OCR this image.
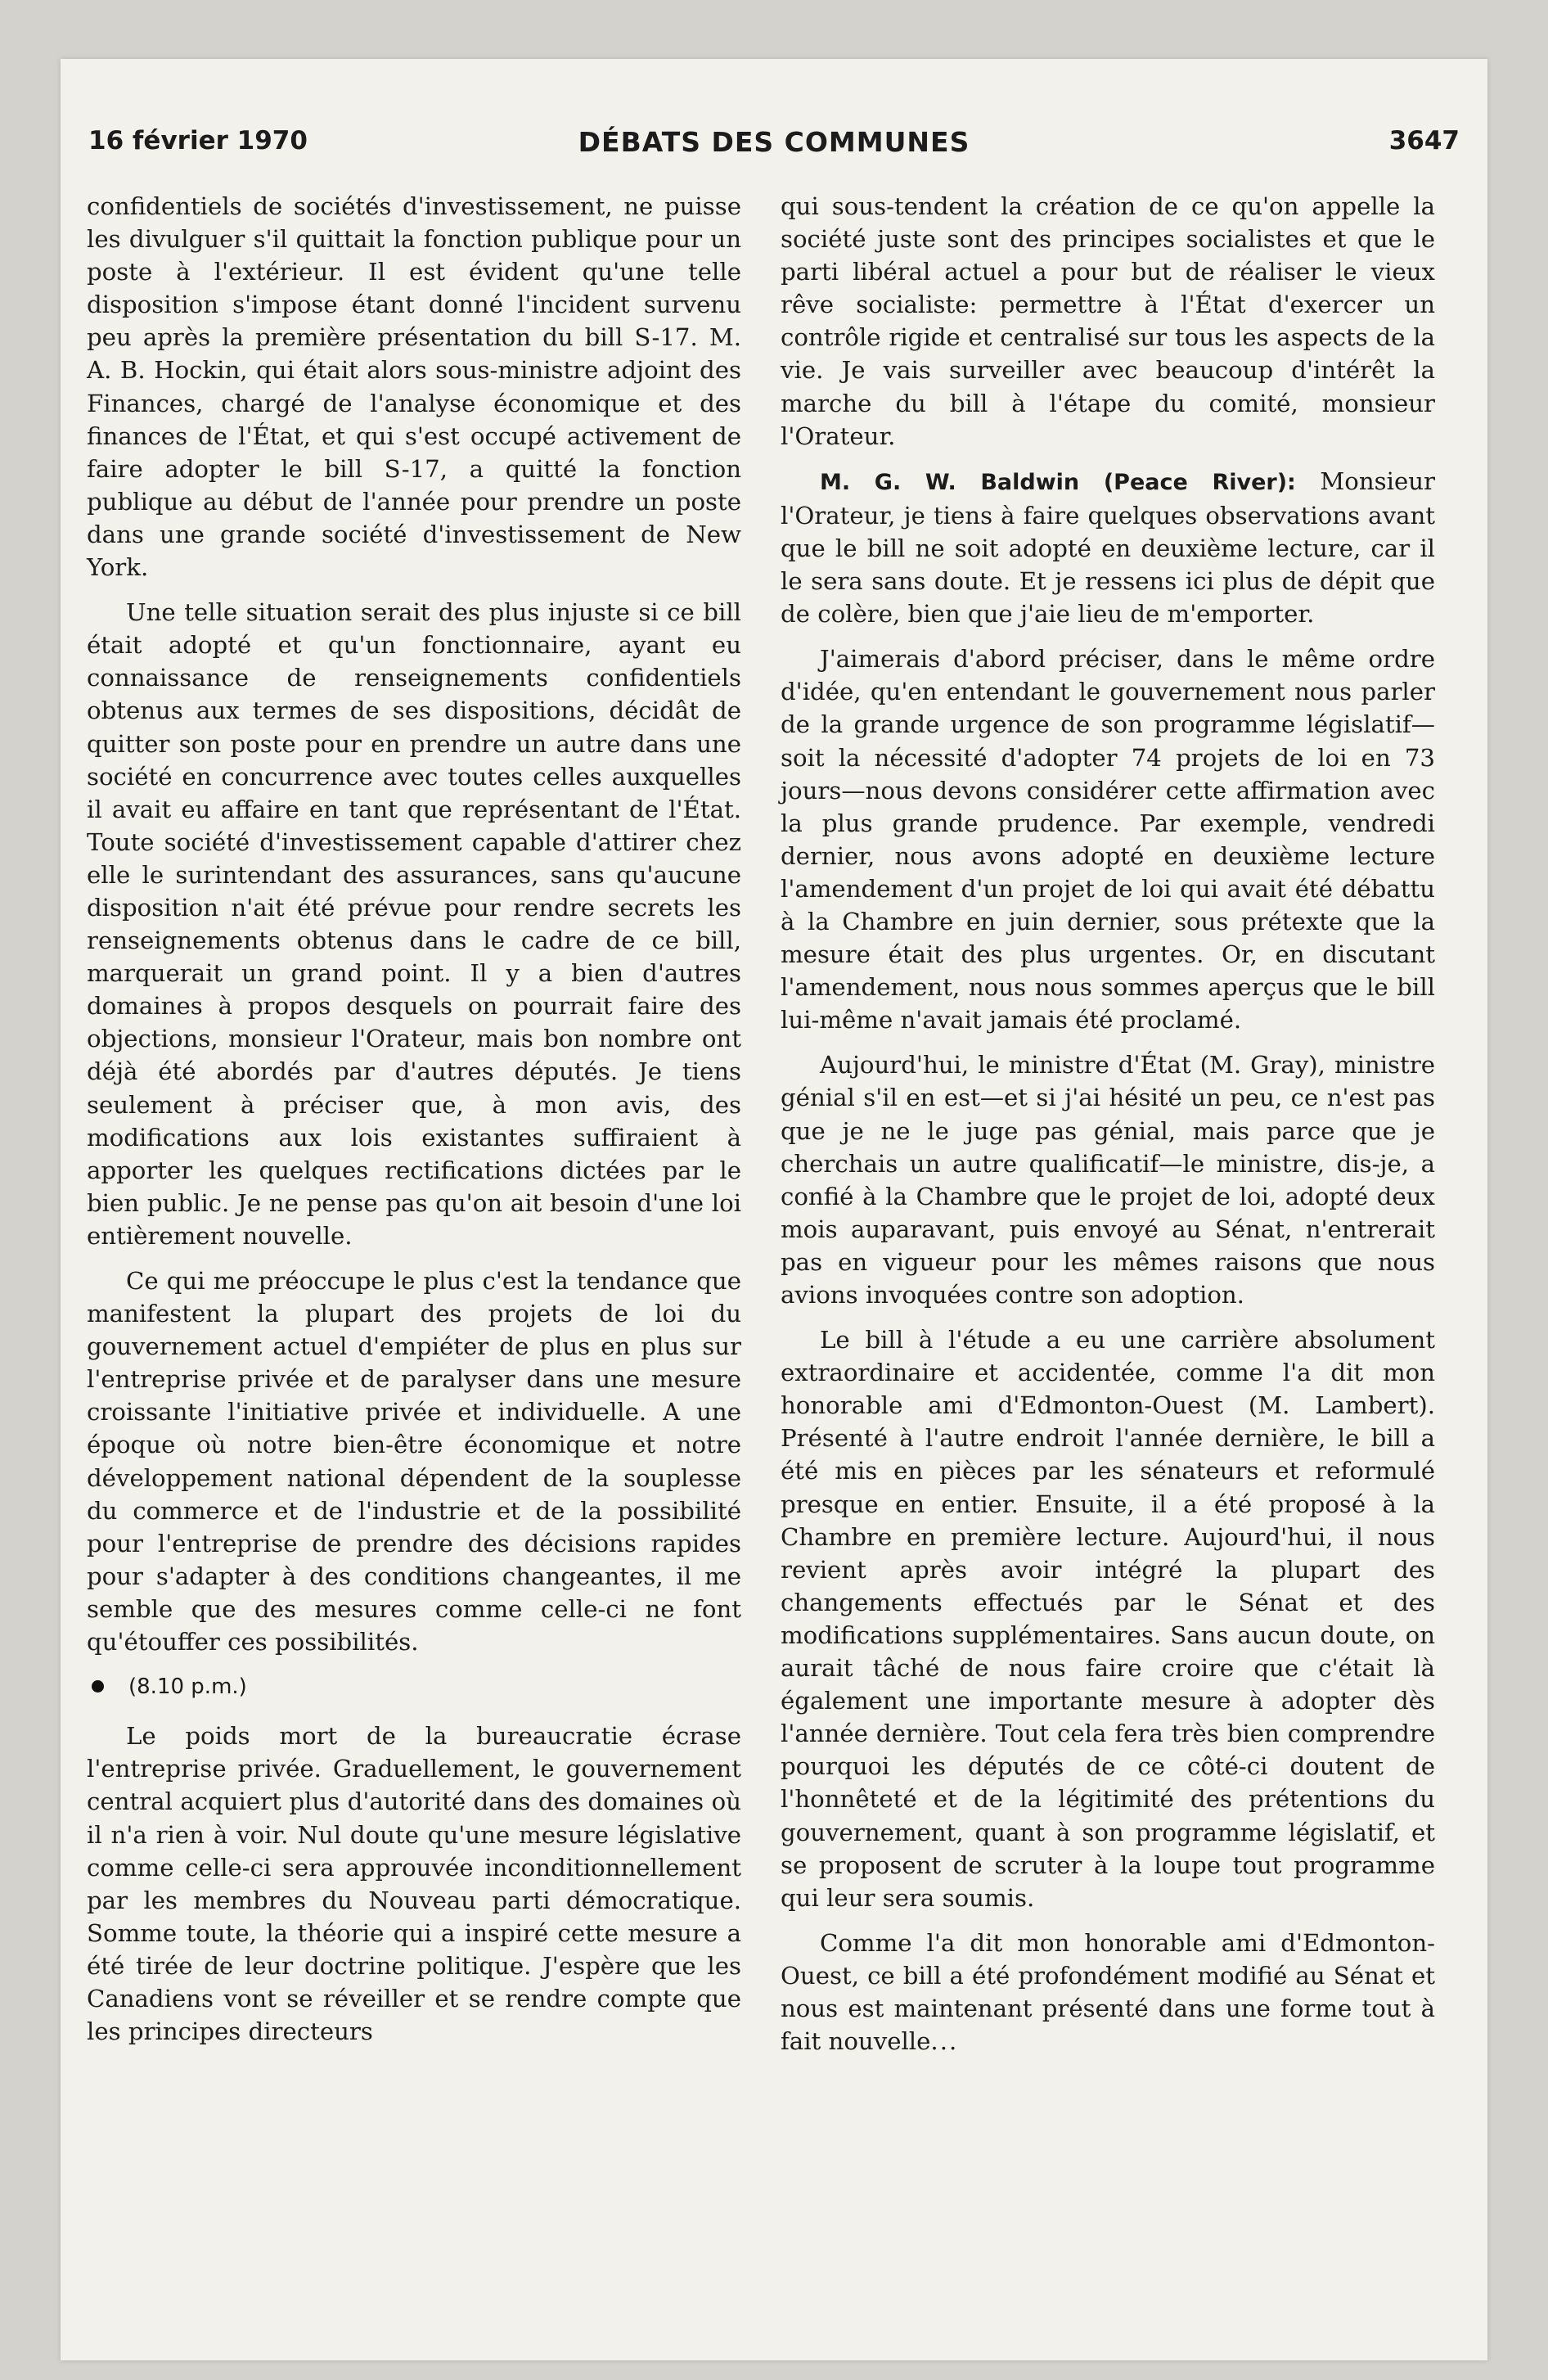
16 février 1970	DÉBATS DES COMMUNES	3647

confidentiels de sociétés d'investissement, ne puisse les divulguer s'il quittait la fonction publique pour un poste à l'extérieur. Il est évident qu'une telle disposition s'impose étant donné l'incident survenu peu après la première présentation du bill S-17. M. A. B. Hockin, qui était alors sous-ministre adjoint des Finances, chargé de l'analyse économique et des finances de l'État, et qui s'est occupé activement de faire adopter le bill S-17, a quitté la fonction publique au début de l'année pour prendre un poste dans une grande société d'investissement de New York.

Une telle situation serait des plus injuste si ce bill était adopté et qu'un fonctionnaire, ayant eu connaissance de renseignements confidentiels obtenus aux termes de ses dispositions, décidât de quitter son poste pour en prendre un autre dans une société en concurrence avec toutes celles auxquelles il avait eu affaire en tant que représentant de l'État. Toute société d'investissement capable d'attirer chez elle le surintendant des assurances, sans qu'aucune disposition n'ait été prévue pour rendre secrets les renseignements obtenus dans le cadre de ce bill, marquerait un grand point. Il y a bien d'autres domaines à propos desquels on pourrait faire des objections, monsieur l'Orateur, mais bon nombre ont déjà été abordés par d'autres députés. Je tiens seulement à préciser que, à mon avis, des modifications aux lois existantes suffiraient à apporter les quelques rectifications dictées par le bien public. Je ne pense pas qu'on ait besoin d'une loi entièrement nouvelle.

Ce qui me préoccupe le plus c'est la tendance que manifestent la plupart des projets de loi du gouvernement actuel d'empiéter de plus en plus sur l'entreprise privée et de paralyser dans une mesure croissante l'initiative privée et individuelle. A une époque où notre bien-être économique et notre développement national dépendent de la souplesse du commerce et de l'industrie et de la possibilité pour l'entreprise de prendre des décisions rapides pour s'adapter à des conditions changeantes, il me semble que des mesures comme celle-ci ne font qu'étouffer ces possibilités.

(8.10 p.m.)

Le poids mort de la bureaucratie écrase l'entreprise privée. Graduellement, le gouvernement central acquiert plus d'autorité dans des domaines où il n'a rien à voir. Nul doute qu'une mesure législative comme celle-ci sera approuvée inconditionnellement par les membres du Nouveau parti démocratique. Somme toute, la théorie qui a inspiré cette mesure a été tirée de leur doctrine politique. J'espère que les Canadiens vont se réveiller et se rendre compte que les principes directeurs

qui sous-tendent la création de ce qu'on appelle la société juste sont des principes socialistes et que le parti libéral actuel a pour but de réaliser le vieux rêve socialiste: permettre à l'État d'exercer un contrôle rigide et centralisé sur tous les aspects de la vie. Je vais surveiller avec beaucoup d'intérêt la marche du bill à l'étape du comité, monsieur l'Orateur.

M. G. W. Baldwin (Peace River): Monsieur l'Orateur, je tiens à faire quelques observations avant que le bill ne soit adopté en deuxième lecture, car il le sera sans doute. Et je ressens ici plus de dépit que de colère, bien que j'aie lieu de m'emporter.

J'aimerais d'abord préciser, dans le même ordre d'idée, qu'en entendant le gouvernement nous parler de la grande urgence de son programme législatif—soit la nécessité d'adopter 74 projets de loi en 73 jours—nous devons considérer cette affirmation avec la plus grande prudence. Par exemple, vendredi dernier, nous avons adopté en deuxième lecture l'amendement d'un projet de loi qui avait été débattu à la Chambre en juin dernier, sous prétexte que la mesure était des plus urgentes. Or, en discutant l'amendement, nous nous sommes aperçus que le bill lui-même n'avait jamais été proclamé.

Aujourd'hui, le ministre d'État (M. Gray), ministre génial s'il en est—et si j'ai hésité un peu, ce n'est pas que je ne le juge pas génial, mais parce que je cherchais un autre qualificatif—le ministre, dis-je, a confié à la Chambre que le projet de loi, adopté deux mois auparavant, puis envoyé au Sénat, n'entrerait pas en vigueur pour les mêmes raisons que nous avions invoquées contre son adoption.

Le bill à l'étude a eu une carrière absolument extraordinaire et accidentée, comme l'a dit mon honorable ami d'Edmonton-Ouest (M. Lambert). Présenté à l'autre endroit l'année dernière, le bill a été mis en pièces par les sénateurs et reformulé presque en entier. Ensuite, il a été proposé à la Chambre en première lecture. Aujourd'hui, il nous revient après avoir intégré la plupart des changements effectués par le Sénat et des modifications supplémentaires. Sans aucun doute, on aurait tâché de nous faire croire que c'était là également une importante mesure à adopter dès l'année dernière. Tout cela fera très bien comprendre pourquoi les députés de ce côté-ci doutent de l'honnêteté et de la légitimité des prétentions du gouvernement, quant à son programme législatif, et se proposent de scruter à la loupe tout programme qui leur sera soumis.

Comme l'a dit mon honorable ami d'Edmonton-Ouest, ce bill a été profondément modifié au Sénat et nous est maintenant présenté dans une forme tout à fait nouvelle...
